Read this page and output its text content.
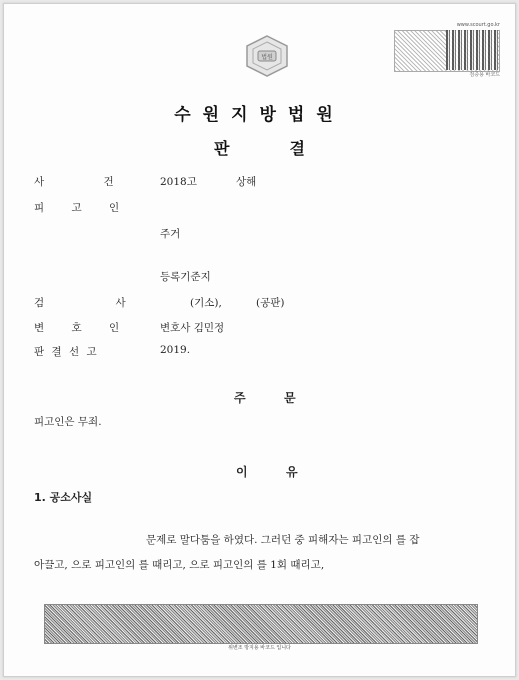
법원
www.scourt.go.kr
검증용 바코드
수원지방법원
판	결
사 건 2018고	상해
피 고 인
주거
등록기준지
검 사	(기소),	(공판)
변 호 인	변호사 김민정
판 결 선 고	2019.
주	문
피고인은 무죄.
이	유
1. 공소사실
문제로 말다툼을 하였다. 그러던 중 피해자는 피고인의 를 잡
아끌고, 으로 피고인의 를 때리고, 으로 피고인의 를 1회 때리고,
위변조 방지용 바코드 입니다
